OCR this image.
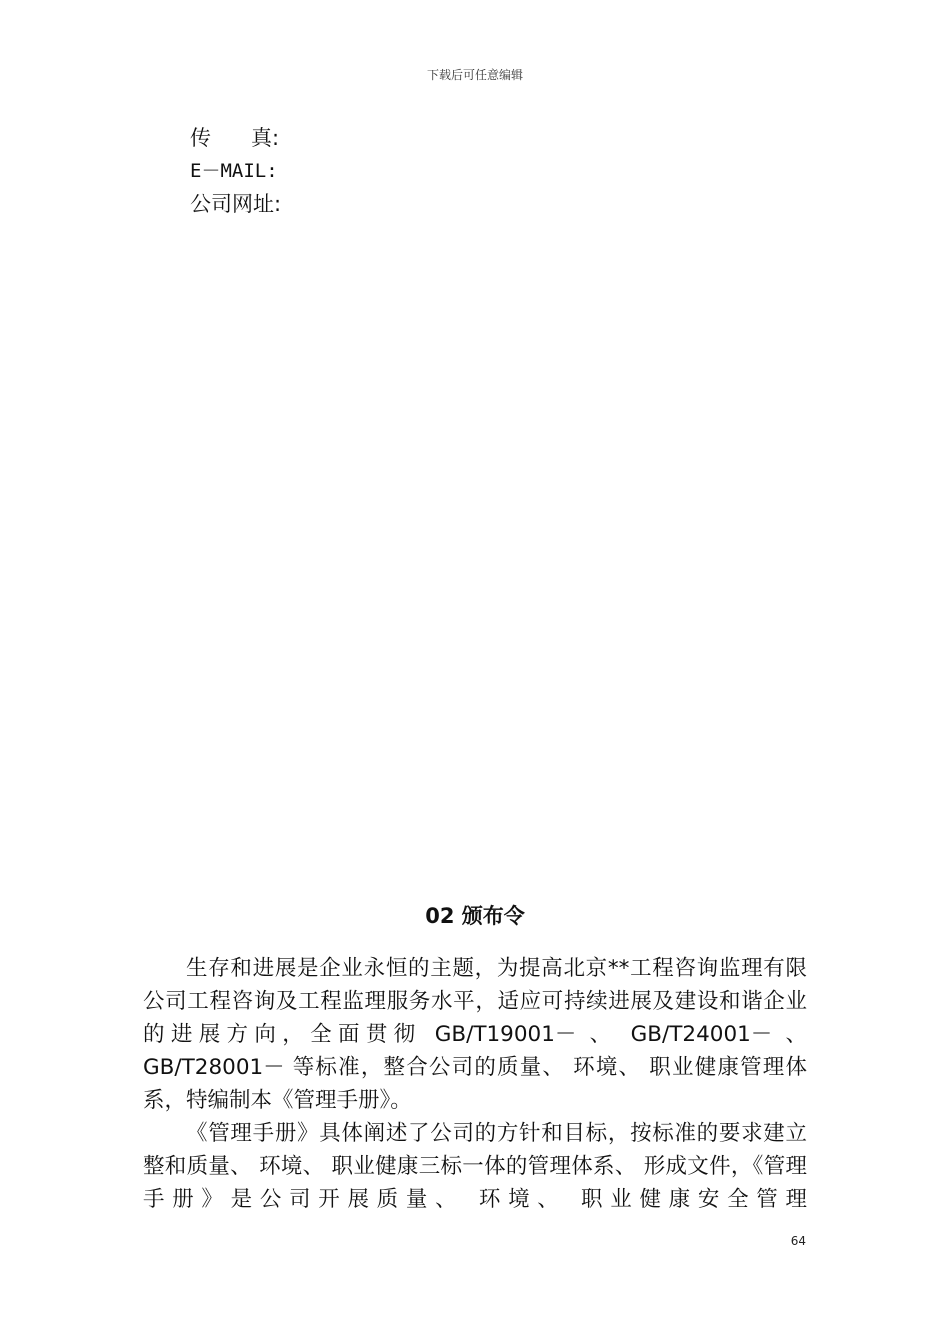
下载后可任意编辑
传      真:
E－MAIL:
公司网址:
02 颁布令

生存和进展是企业永恒的主题，为提高北京**工程咨询监理有限公司工程咨询及工程监理服务水平，适应可持续进展及建设和谐企业的进展方向，全面贯彻 GB/T19001－ 、 GB/T24001－ 、GB/T28001－ 等标准，整合公司的质量、 环境、 职业健康管理体系，特编制本《管理手册》。

《管理手册》具体阐述了公司的方针和目标，按标准的要求建立整和质量、 环境、 职业健康三标一体的管理体系、 形成文件，《管理手册》是公司开展质量、 环境、 职业健康安全管理

64
